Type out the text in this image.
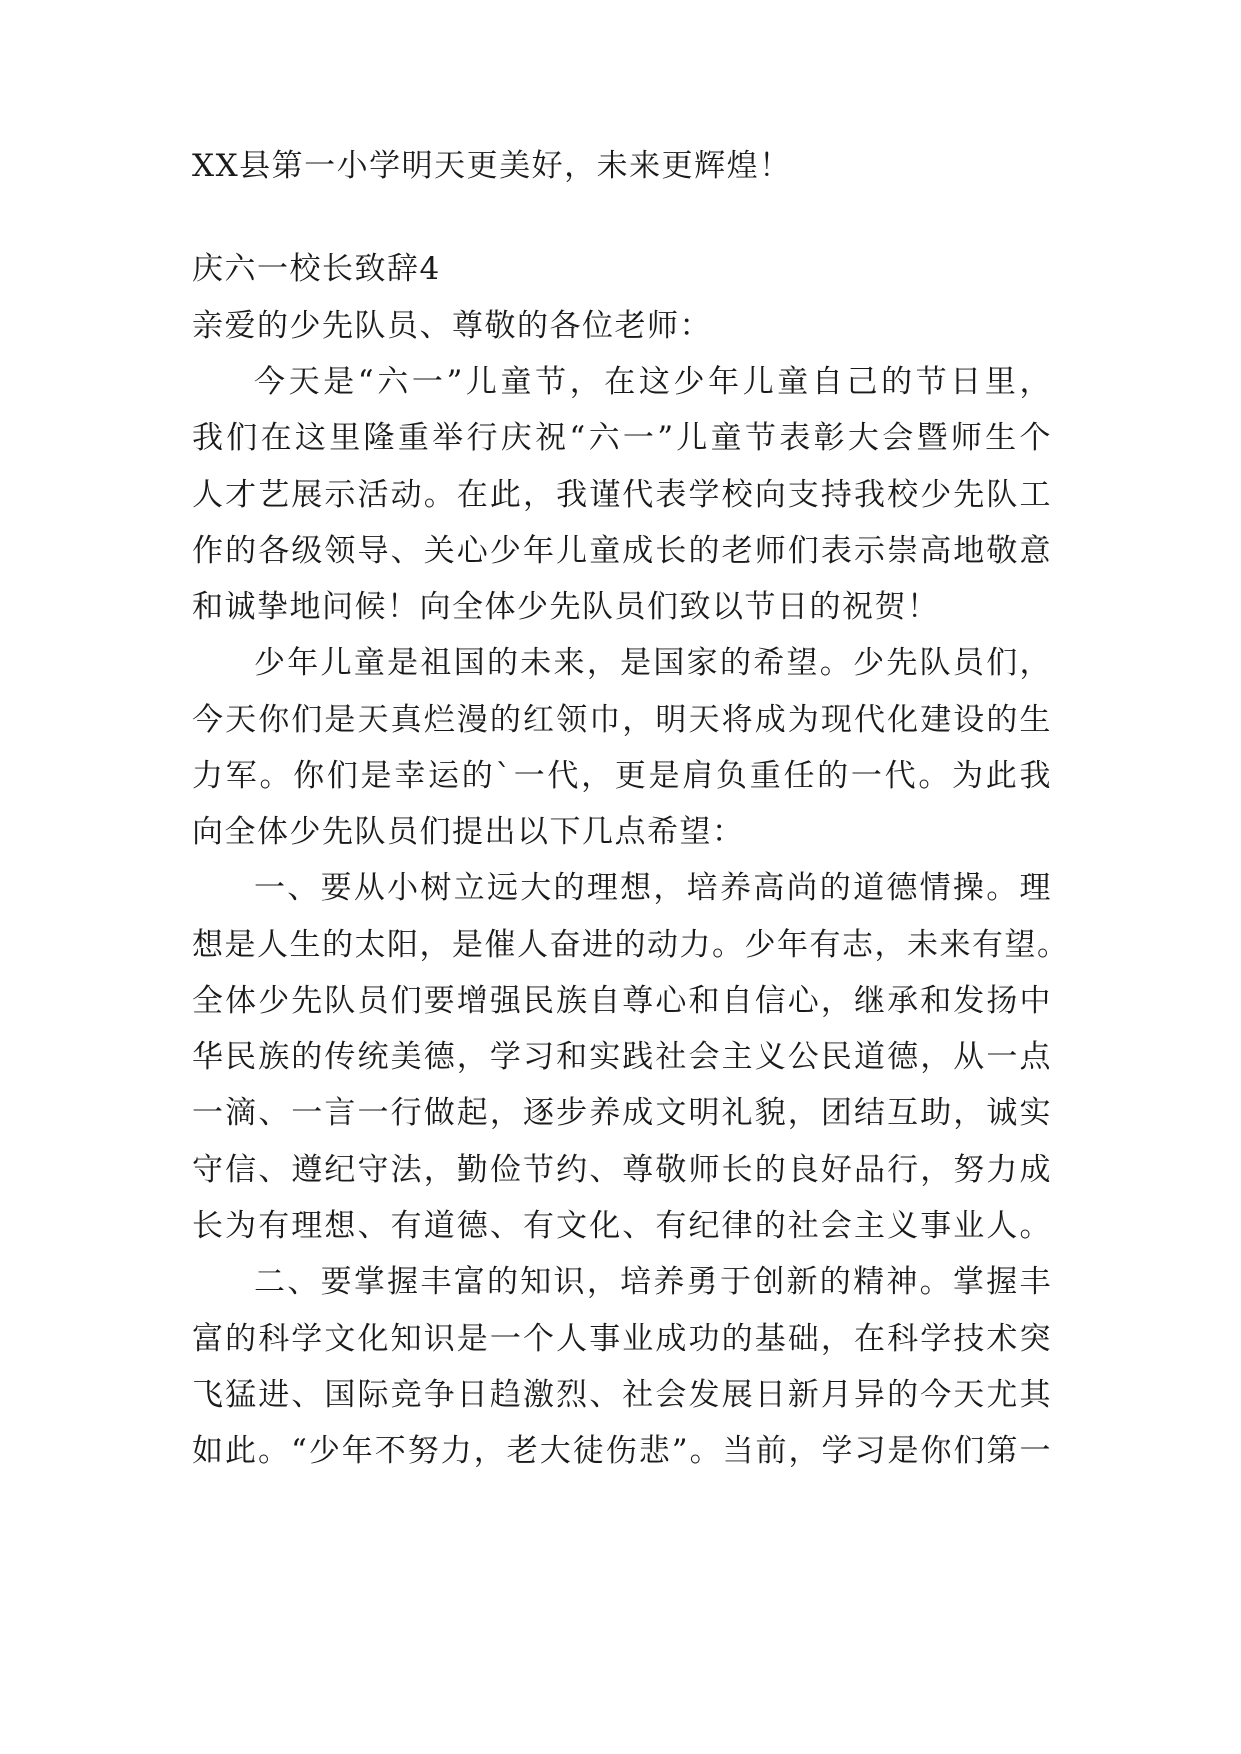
XX县第一小学明天更美好，未来更辉煌！
庆六一校长致辞4
亲爱的少先队员、尊敬的各位老师：
今天是“六一”儿童节，在这少年儿童自己的节日里，
我们在这里隆重举行庆祝“六一”儿童节表彰大会暨师生个
人才艺展示活动。在此，我谨代表学校向支持我校少先队工
作的各级领导、关心少年儿童成长的老师们表示崇高地敬意
和诚挚地问候！向全体少先队员们致以节日的祝贺！
少年儿童是祖国的未来，是国家的希望。少先队员们，
今天你们是天真烂漫的红领巾，明天将成为现代化建设的生
力军。你们是幸运的`一代，更是肩负重任的一代。为此我
向全体少先队员们提出以下几点希望：
一、要从小树立远大的理想，培养高尚的道德情操。理
想是人生的太阳，是催人奋进的动力。少年有志，未来有望。
全体少先队员们要增强民族自尊心和自信心，继承和发扬中
华民族的传统美德，学习和实践社会主义公民道德，从一点
一滴、一言一行做起，逐步养成文明礼貌，团结互助，诚实
守信、遵纪守法，勤俭节约、尊敬师长的良好品行，努力成
长为有理想、有道德、有文化、有纪律的社会主义事业人。
二、要掌握丰富的知识，培养勇于创新的精神。掌握丰
富的科学文化知识是一个人事业成功的基础，在科学技术突
飞猛进、国际竞争日趋激烈、社会发展日新月异的今天尤其
如此。“少年不努力，老大徒伤悲”。当前，学习是你们第一
